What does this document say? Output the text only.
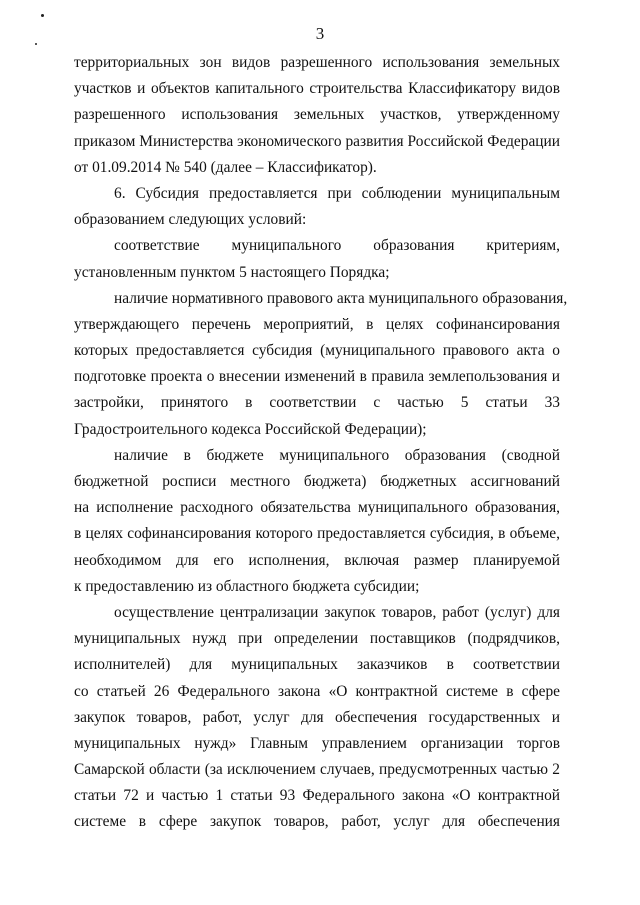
3
территориальных зон видов разрешенного использования земельных
участков и объектов капитального строительства Классификатору видов
разрешенного использования земельных участков, утвержденному
приказом Министерства экономического развития Российской Федерации
от 01.09.2014 № 540 (далее – Классификатор).
6. Субсидия предоставляется при соблюдении муниципальным
образованием следующих условий:
соответствие муниципального образования критериям,
установленным пунктом 5 настоящего Порядка;
наличие нормативного правового акта муниципального образования,
утверждающего перечень мероприятий, в целях софинансирования
которых предоставляется субсидия (муниципального правового акта о
подготовке проекта о внесении изменений в правила землепользования и
застройки, принятого в соответствии с частью 5 статьи 33
Градостроительного кодекса Российской Федерации);
наличие в бюджете муниципального образования (сводной
бюджетной росписи местного бюджета) бюджетных ассигнований
на исполнение расходного обязательства муниципального образования,
в целях софинансирования которого предоставляется субсидия, в объеме,
необходимом для его исполнения, включая размер планируемой
к предоставлению из областного бюджета субсидии;
осуществление централизации закупок товаров, работ (услуг) для
муниципальных нужд при определении поставщиков (подрядчиков,
исполнителей) для муниципальных заказчиков в соответствии
со статьей 26 Федерального закона «О контрактной системе в сфере
закупок товаров, работ, услуг для обеспечения государственных и
муниципальных нужд» Главным управлением организации торгов
Самарской области (за исключением случаев, предусмотренных частью 2
статьи 72 и частью 1 статьи 93 Федерального закона «О контрактной
системе в сфере закупок товаров, работ, услуг для обеспечения
